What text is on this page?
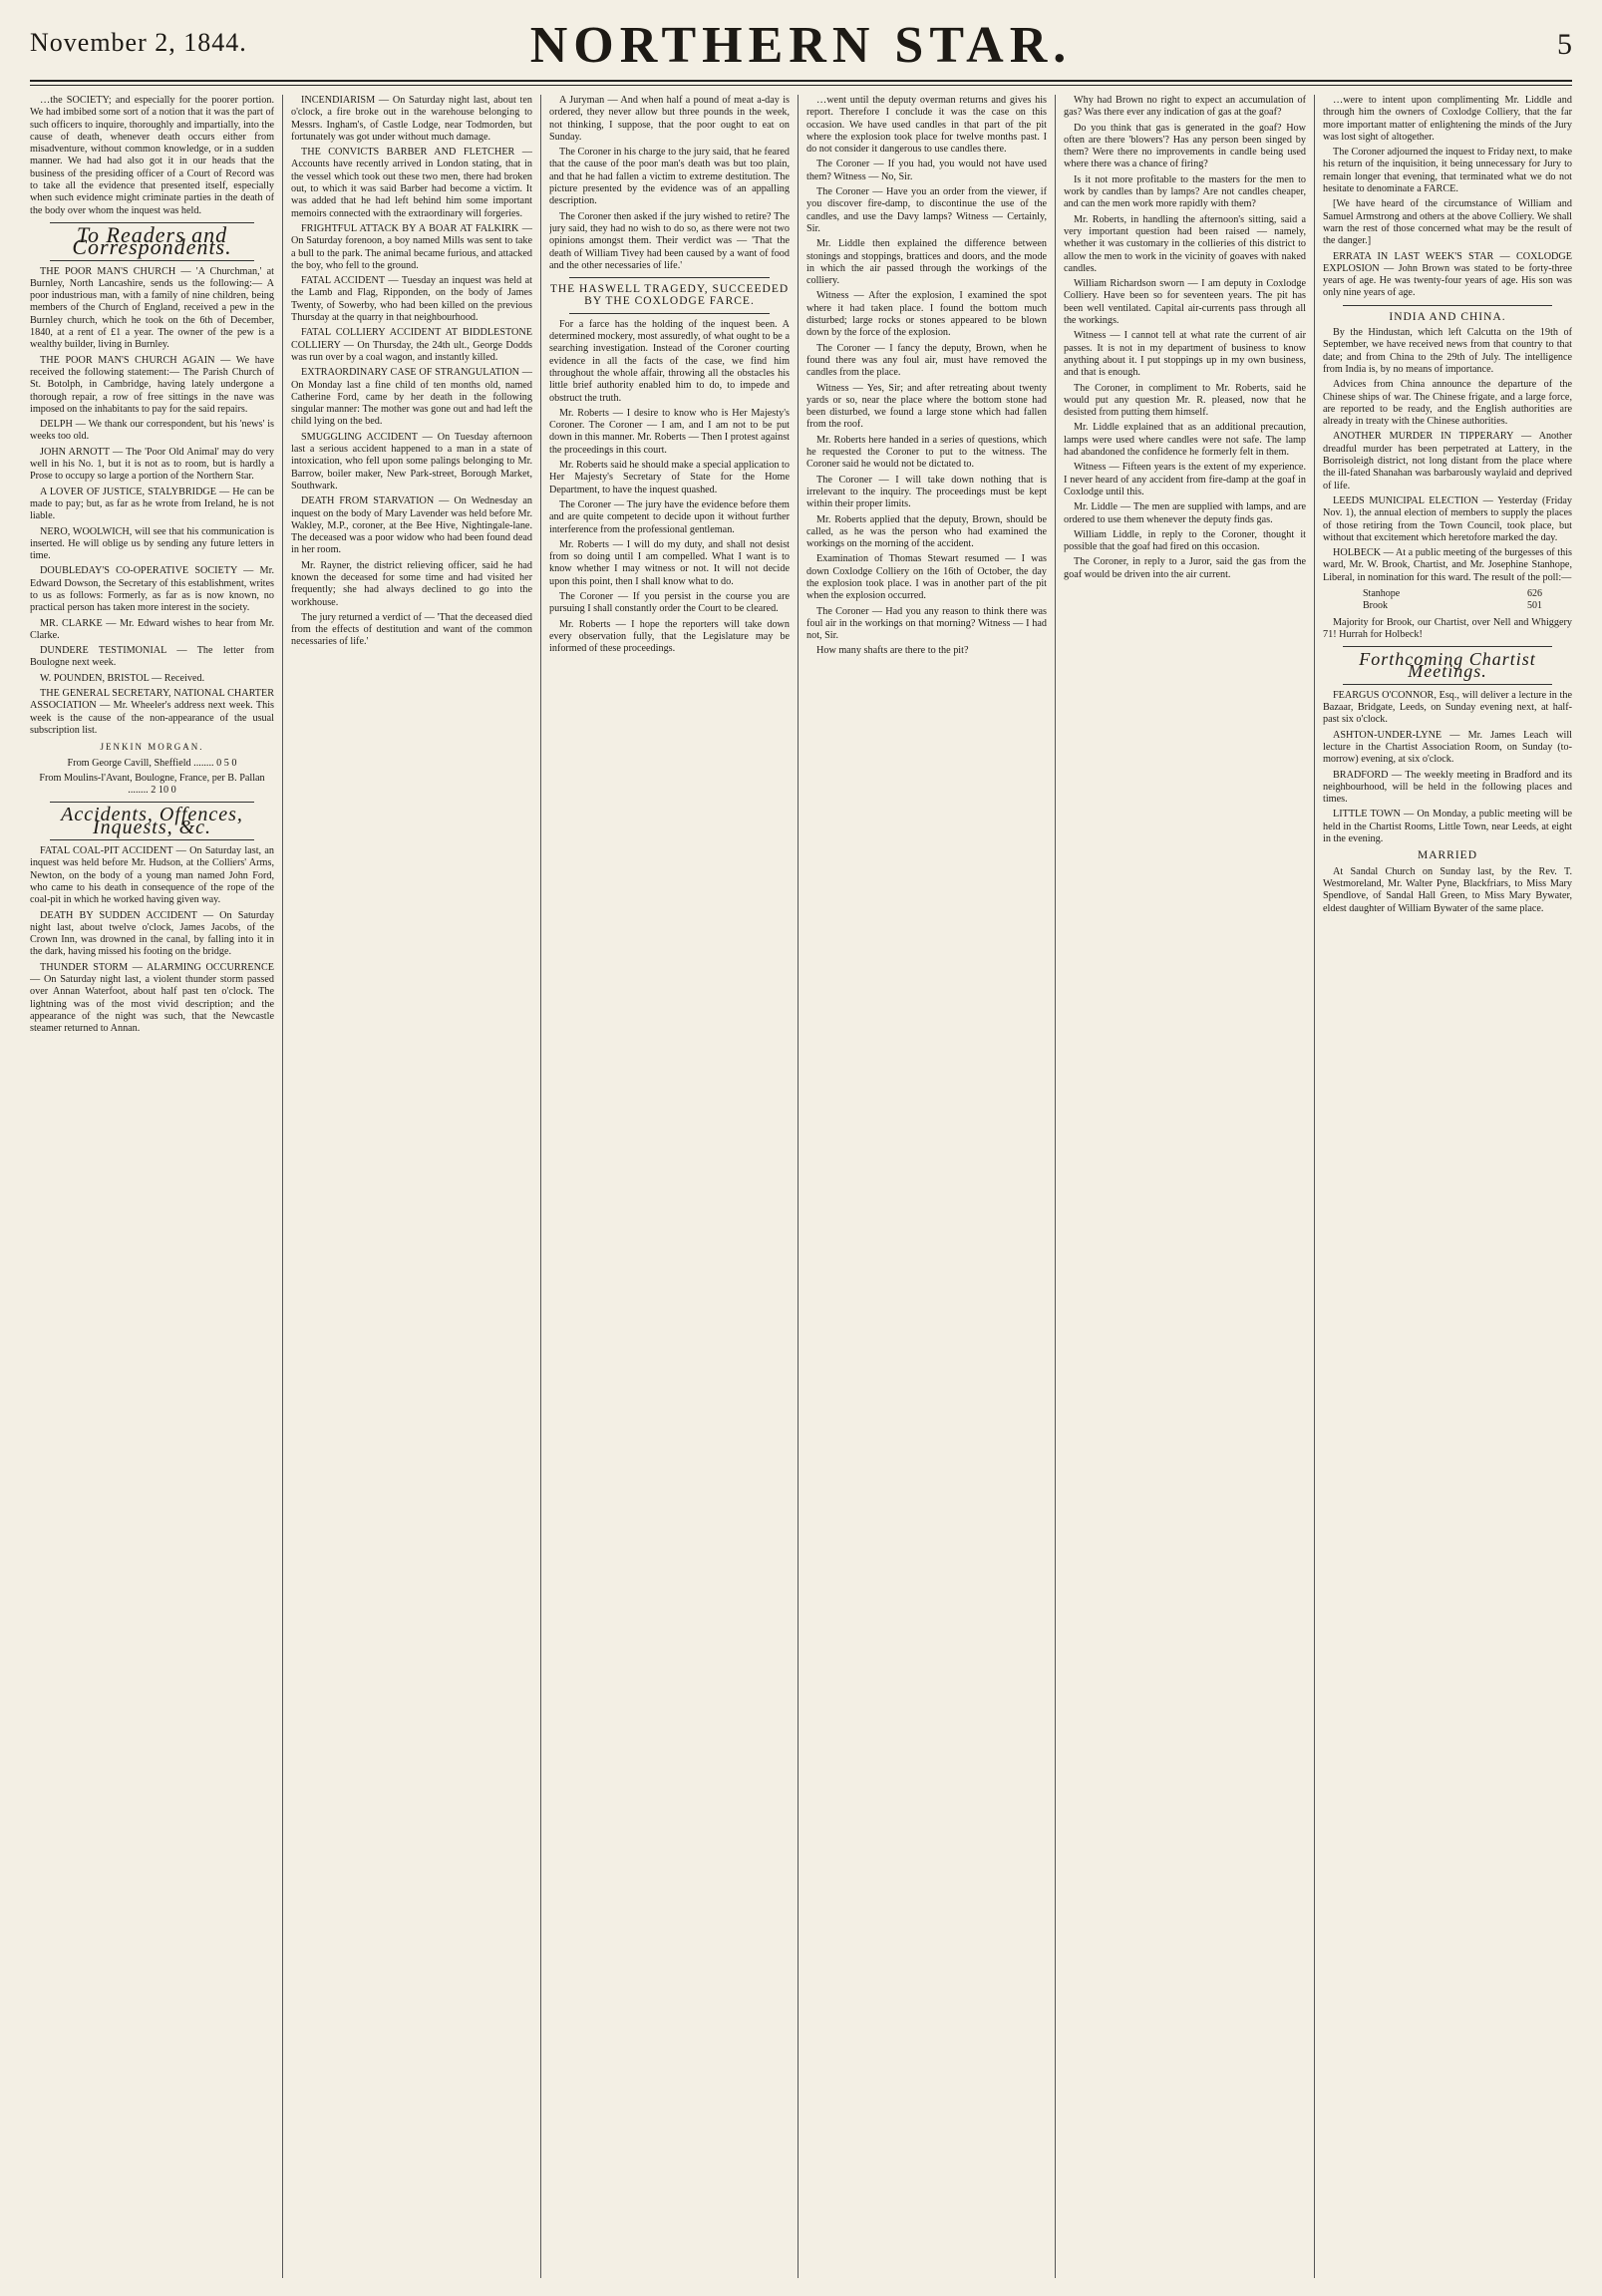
November 2, 1844.	NORTHERN STAR.	5

…the SOCIETY; and especially for the poorer portion. We had imbibed some sort of a notion that it was the part of such officers to inquire, thoroughly and impartially, into the cause of death, whenever death occurs either from misadventure, without common knowledge, or in a sudden manner. We had had also got it in our heads that the business of the presiding officer of a Court of Record was to take all the evidence that presented itself, especially when such evidence might criminate parties in the death of the body over whom the inquest was held.

To Readers and Correspondents.

THE POOR MAN'S CHURCH — 'A Churchman,' at Burnley, North Lancashire, sends us the following:— A poor industrious man, with a family of nine children, being members of the Church of England, received a pew in the Burnley church, which he took on the 6th of December, 1840, at a rent of £1 a year. The owner of the pew is a wealthy builder, living in Burnley.

THE POOR MAN'S CHURCH AGAIN — We have received the following statement:— The Parish Church of St. Botolph, in Cambridge, having lately undergone a thorough repair, a row of free sittings in the nave was imposed on the inhabitants to pay for the said repairs.

DELPH — We thank our correspondent, but his 'news' is weeks too old.

JOHN ARNOTT — The 'Poor Old Animal' may do very well in his No. 1, but it is not as to room, but is hardly a Prose to occupy so large a portion of the Northern Star.

A LOVER OF JUSTICE, STALYBRIDGE — He can be made to pay; but, as far as he wrote from Ireland, he is not liable.

NERO, WOOLWICH, will see that his communication is inserted. He will oblige us by sending any future letters in time.

DOUBLEDAY'S CO-OPERATIVE SOCIETY — Mr. Edward Dowson, the Secretary of this establishment, writes to us as follows: Formerly, as far as is now known, no practical person has taken more interest in the society.

MR. CLARKE — Mr. Edward wishes to hear from Mr. Clarke.

DUNDERE TESTIMONIAL — The letter from Boulogne next week.

W. POUNDEN, BRISTOL — Received.

THE GENERAL SECRETARY, NATIONAL CHARTER ASSOCIATION — Mr. Wheeler's address next week. This week is the cause of the non-appearance of the usual subscription list.

JENKIN MORGAN.

From George Cavill, Sheffield ........ 0 5 0

From Moulins-l'Avant, Boulogne, France, per B. Pallan ........ 2 10 0

Accidents, Offences, Inquests, &c.

FATAL COAL-PIT ACCIDENT — On Saturday last, an inquest was held before Mr. Hudson, at the Colliers' Arms, Newton, on the body of a young man named John Ford, who came to his death in consequence of the rope of the coal-pit in which he worked having given way.

DEATH BY SUDDEN ACCIDENT — On Saturday night last, about twelve o'clock, James Jacobs, of the Crown Inn, was drowned in the canal, by falling into it in the dark, having missed his footing on the bridge.

THUNDER STORM — ALARMING OCCURRENCE — On Saturday night last, a violent thunder storm passed over Annan Waterfoot, about half past ten o'clock. The lightning was of the most vivid description; and the appearance of the night was such, that the Newcastle steamer returned to Annan.

INCENDIARISM — On Saturday night last, about ten o'clock, a fire broke out in the warehouse belonging to Messrs. Ingham's, of Castle Lodge, near Todmorden, but fortunately was got under without much damage.

THE CONVICTS BARBER AND FLETCHER — Accounts have recently arrived in London stating, that in the vessel which took out these two men, there had broken out, to which it was said Barber had become a victim. It was added that he had left behind him some important memoirs connected with the extraordinary will forgeries.

FRIGHTFUL ATTACK BY A BOAR AT FALKIRK — On Saturday forenoon, a boy named Mills was sent to take a bull to the park. The animal became furious, and attacked the boy, who fell to the ground.

FATAL ACCIDENT — Tuesday an inquest was held at the Lamb and Flag, Ripponden, on the body of James Twenty, of Sowerby, who had been killed on the previous Thursday at the quarry in that neighbourhood.

FATAL COLLIERY ACCIDENT AT BIDDLESTONE COLLIERY — On Thursday, the 24th ult., George Dodds was run over by a coal wagon, and instantly killed.

EXTRAORDINARY CASE OF STRANGULATION — On Monday last a fine child of ten months old, named Catherine Ford, came by her death in the following singular manner: The mother was gone out and had left the child lying on the bed.

SMUGGLING ACCIDENT — On Tuesday afternoon last a serious accident happened to a man in a state of intoxication, who fell upon some palings belonging to Mr. Barrow, boiler maker, New Park-street, Borough Market, Southwark.

DEATH FROM STARVATION — On Wednesday an inquest on the body of Mary Lavender was held before Mr. Wakley, M.P., coroner, at the Bee Hive, Nightingale-lane. The deceased was a poor widow who had been found dead in her room.

Mr. Rayner, the district relieving officer, said he had known the deceased for some time and had visited her frequently; she had always declined to go into the workhouse.

The jury returned a verdict of — 'That the deceased died from the effects of destitution and want of the common necessaries of life.'

A Juryman — And when half a pound of meat a-day is ordered, they never allow but three pounds in the week, not thinking, I suppose, that the poor ought to eat on Sunday.

The Coroner in his charge to the jury said, that he feared that the cause of the poor man's death was but too plain, and that he had fallen a victim to extreme destitution. The picture presented by the evidence was of an appalling description.

The Coroner then asked if the jury wished to retire? The jury said, they had no wish to do so, as there were not two opinions amongst them. Their verdict was — 'That the death of William Tivey had been caused by a want of food and the other necessaries of life.'

THE HASWELL TRAGEDY, SUCCEEDED BY THE COXLODGE FARCE.

For a farce has the holding of the inquest been. A determined mockery, most assuredly, of what ought to be a searching investigation. Instead of the Coroner courting evidence in all the facts of the case, we find him throughout the whole affair, throwing all the obstacles his little brief authority enabled him to do, to impede and obstruct the truth.

Mr. Roberts — I desire to know who is Her Majesty's Coroner. The Coroner — I am, and I am not to be put down in this manner. Mr. Roberts — Then I protest against the proceedings in this court.

Mr. Roberts said he should make a special application to Her Majesty's Secretary of State for the Home Department, to have the inquest quashed.

The Coroner — The jury have the evidence before them and are quite competent to decide upon it without further interference from the professional gentleman.

Mr. Roberts — I will do my duty, and shall not desist from so doing until I am compelled. What I want is to know whether I may witness or not. It will not decide upon this point, then I shall know what to do.

The Coroner — If you persist in the course you are pursuing I shall constantly order the Court to be cleared.

Mr. Roberts — I hope the reporters will take down every observation fully, that the Legislature may be informed of these proceedings.

…went until the deputy overman returns and gives his report. Therefore I conclude it was the case on this occasion. We have used candles in that part of the pit where the explosion took place for twelve months past. I do not consider it dangerous to use candles there.

The Coroner — If you had, you would not have used them? Witness — No, Sir.

The Coroner — Have you an order from the viewer, if you discover fire-damp, to discontinue the use of the candles, and use the Davy lamps? Witness — Certainly, Sir.

Mr. Liddle then explained the difference between stonings and stoppings, brattices and doors, and the mode in which the air passed through the workings of the colliery.

Witness — After the explosion, I examined the spot where it had taken place. I found the bottom much disturbed; large rocks or stones appeared to be blown down by the force of the explosion.

The Coroner — I fancy the deputy, Brown, when he found there was any foul air, must have removed the candles from the place.

Witness — Yes, Sir; and after retreating about twenty yards or so, near the place where the bottom stone had been disturbed, we found a large stone which had fallen from the roof.

Mr. Roberts here handed in a series of questions, which he requested the Coroner to put to the witness. The Coroner said he would not be dictated to.

The Coroner — I will take down nothing that is irrelevant to the inquiry. The proceedings must be kept within their proper limits.

Mr. Roberts applied that the deputy, Brown, should be called, as he was the person who had examined the workings on the morning of the accident.

Examination of Thomas Stewart resumed — I was down Coxlodge Colliery on the 16th of October, the day the explosion took place. I was in another part of the pit when the explosion occurred.

The Coroner — Had you any reason to think there was foul air in the workings on that morning? Witness — I had not, Sir.

How many shafts are there to the pit?

Why had Brown no right to expect an accumulation of gas? Was there ever any indication of gas at the goaf?

Do you think that gas is generated in the goaf? How often are there 'blowers'? Has any person been singed by them? Were there no improvements in candle being used where there was a chance of firing?

Is it not more profitable to the masters for the men to work by candles than by lamps? Are not candles cheaper, and can the men work more rapidly with them?

Mr. Roberts, in handling the afternoon's sitting, said a very important question had been raised — namely, whether it was customary in the collieries of this district to allow the men to work in the vicinity of goaves with naked candles.

William Richardson sworn — I am deputy in Coxlodge Colliery. Have been so for seventeen years. The pit has been well ventilated. Capital air-currents pass through all the workings.

Witness — I cannot tell at what rate the current of air passes. It is not in my department of business to know anything about it. I put stoppings up in my own business, and that is enough.

The Coroner, in compliment to Mr. Roberts, said he would put any question Mr. R. pleased, now that he desisted from putting them himself.

Mr. Liddle explained that as an additional precaution, lamps were used where candles were not safe. The lamp had abandoned the confidence he formerly felt in them.

Witness — Fifteen years is the extent of my experience. I never heard of any accident from fire-damp at the goaf in Coxlodge until this.

Mr. Liddle — The men are supplied with lamps, and are ordered to use them whenever the deputy finds gas.

William Liddle, in reply to the Coroner, thought it possible that the goaf had fired on this occasion.

The Coroner, in reply to a Juror, said the gas from the goaf would be driven into the air current.

…were to intent upon complimenting Mr. Liddle and through him the owners of Coxlodge Colliery, that the far more important matter of enlightening the minds of the Jury was lost sight of altogether.

The Coroner adjourned the inquest to Friday next, to make his return of the inquisition, it being unnecessary for Jury to remain longer that evening, that terminated what we do not hesitate to denominate a FARCE.

[We have heard of the circumstance of William and Samuel Armstrong and others at the above Colliery. We shall warn the rest of those concerned what may be the result of the danger.]

ERRATA IN LAST WEEK'S STAR — COXLODGE EXPLOSION — John Brown was stated to be forty-three years of age. He was twenty-four years of age. His son was only nine years of age.

INDIA AND CHINA.

By the Hindustan, which left Calcutta on the 19th of September, we have received news from that country to that date; and from China to the 29th of July. The intelligence from India is, by no means of importance.

Advices from China announce the departure of the Chinese ships of war. The Chinese frigate, and a large force, are reported to be ready, and the English authorities are already in treaty with the Chinese authorities.

ANOTHER MURDER IN TIPPERARY — Another dreadful murder has been perpetrated at Lattery, in the Borrisoleigh district, not long distant from the place where the ill-fated Shanahan was barbarously waylaid and deprived of life.

LEEDS MUNICIPAL ELECTION — Yesterday (Friday Nov. 1), the annual election of members to supply the places of those retiring from the Town Council, took place, but without that excitement which heretofore marked the day.

HOLBECK — At a public meeting of the burgesses of this ward, Mr. W. Brook, Chartist, and Mr. Josephine Stanhope, Liberal, in nomination for this ward. The result of the poll:—

Stanhope	626
Brook	501

Majority for Brook, our Chartist, over Nell and Whiggery 71! Hurrah for Holbeck!

Forthcoming Chartist Meetings.

FEARGUS O'CONNOR, Esq., will deliver a lecture in the Bazaar, Bridgate, Leeds, on Sunday evening next, at half-past six o'clock.

ASHTON-UNDER-LYNE — Mr. James Leach will lecture in the Chartist Association Room, on Sunday (to-morrow) evening, at six o'clock.

BRADFORD — The weekly meeting in Bradford and its neighbourhood, will be held in the following places and times.

LITTLE TOWN — On Monday, a public meeting will be held in the Chartist Rooms, Little Town, near Leeds, at eight in the evening.

MARRIED

At Sandal Church on Sunday last, by the Rev. T. Westmoreland, Mr. Walter Pyne, Blackfriars, to Miss Mary Spendlove, of Sandal Hall Green, to Miss Mary Bywater, eldest daughter of William Bywater of the same place.
